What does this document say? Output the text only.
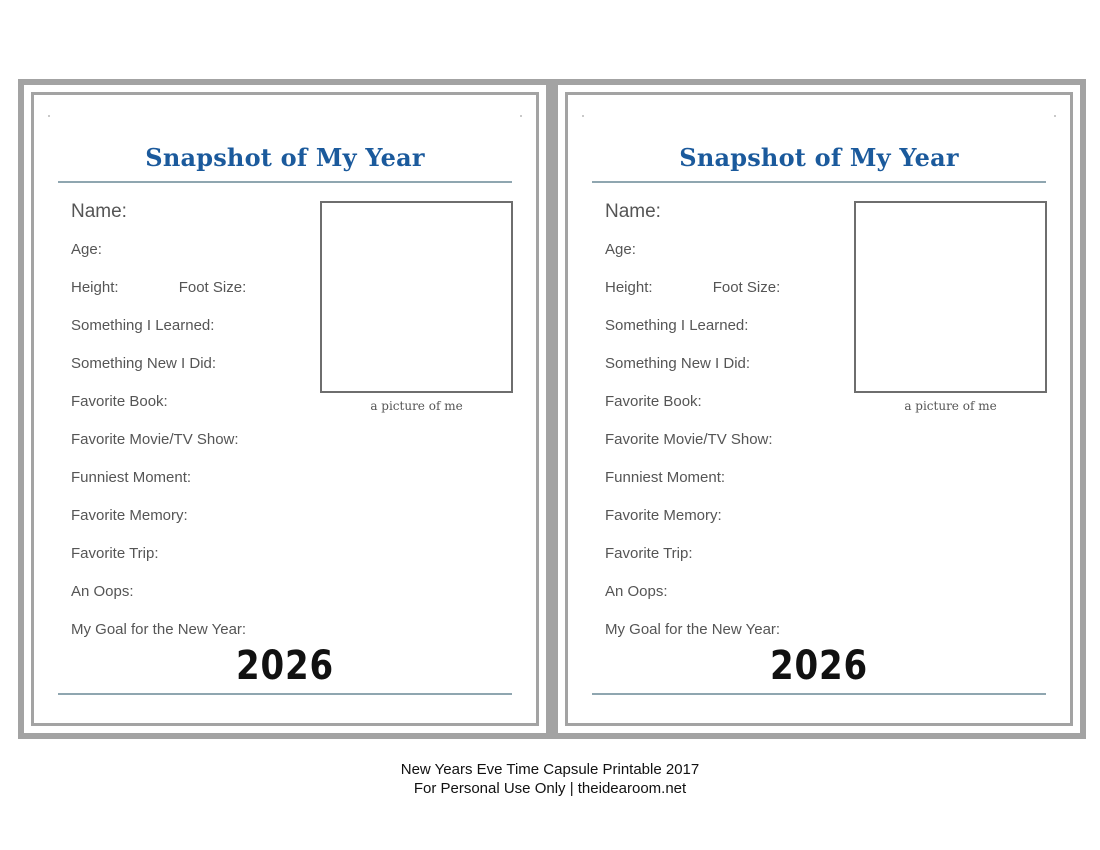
Snapshot of My Year
Name:
Age:
Height:	Foot Size:
Something I Learned:
Something New I Did:
Favorite Book:
Favorite Movie/TV Show:
Funniest Moment:
Favorite Memory:
Favorite Trip:
An Oops:
My Goal for the New Year:
a picture of me
2026
Snapshot of My Year
Name:
Age:
Height:	Foot Size:
Something I Learned:
Something New I Did:
Favorite Book:
Favorite Movie/TV Show:
Funniest Moment:
Favorite Memory:
Favorite Trip:
An Oops:
My Goal for the New Year:
a picture of me
2026
New Years Eve Time Capsule Printable 2017
For Personal Use Only | theidearoom.net
